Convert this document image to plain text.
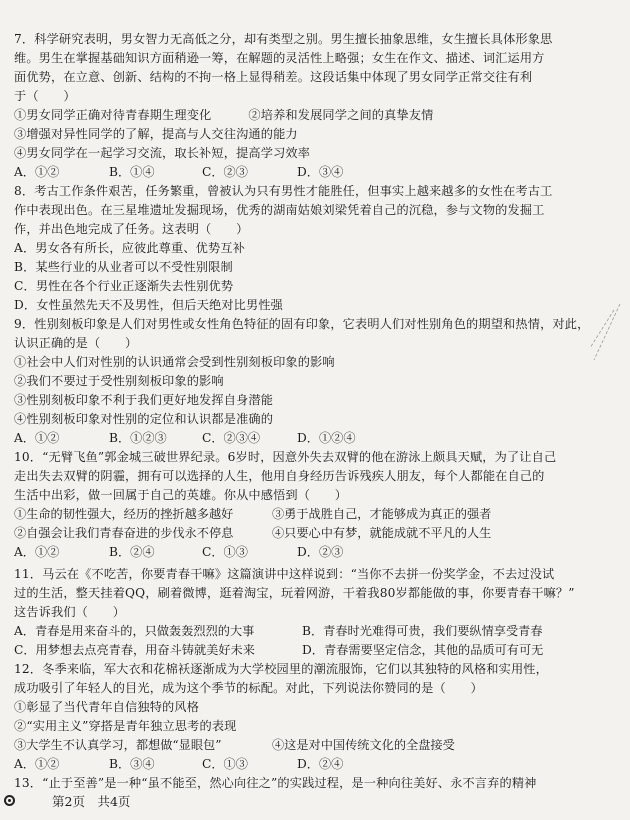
7．科学研究表明，男女智力无高低之分，却有类型之别。男生擅长抽象思维，女生擅长具体形象思
维。男生在掌握基础知识方面稍逊一筹，在解题的灵活性上略强；女生在作文、描述、词汇运用方
面优势，在立意、创新、结构的不拘一格上显得稍差。这段话集中体现了男女同学正常交往有利
于（　　）
①男女同学正确对待青春期生理变化　　　②培养和发展同学之间的真挚友情
③增强对异性同学的了解，提高与人交往沟通的能力
④男女同学在一起学习交流，取长补短，提高学习效率
A．①②	B．①④	C．②③	D．③④
8．考古工作条件艰苦，任务繁重，曾被认为只有男性才能胜任，但事实上越来越多的女性在考古工
作中表现出色。在三星堆遗址发掘现场，优秀的湖南姑娘刘梁凭着自己的沉稳，参与文物的发掘工
作，并出色地完成了任务。这表明（　　）
A．男女各有所长，应彼此尊重、优势互补
B．某些行业的从业者可以不受性别限制
C．男性在各个行业正逐渐失去性别优势
D．女性虽然先天不及男性，但后天绝对比男性强
9．性别刻板印象是人们对男性或女性角色特征的固有印象，它表明人们对性别角色的期望和热情，对此，
认识正确的是（　　）
①社会中人们对性别的认识通常会受到性别刻板印象的影响
②我们不要过于受性别刻板印象的影响
③性别刻板印象不利于我们更好地发挥自身潜能
④性别刻板印象对性别的定位和认识都是准确的
A．①②	B．①②③	C．②③④	D．①②④
10．“无臂飞鱼”郭金城三破世界纪录。6岁时，因意外失去双臂的他在游泳上颇具天赋，为了让自己
走出失去双臂的阴霾，拥有可以选择的人生，他用自身经历告诉残疾人朋友，每个人都能在自己的
生活中出彩，做一回属于自己的英雄。你从中感悟到（　　）
①生命的韧性强大，经历的挫折越多越好	③勇于战胜自己，才能够成为真正的强者
②自强会让我们青春奋进的步伐永不停息	④只要心中有梦，就能成就不平凡的人生
A．①②	B．②④	C．①③	D．②③
11．马云在《不吃苦，你要青春干嘛》这篇演讲中这样说到：“当你不去拼一份奖学金，不去过没试
过的生活，整天挂着QQ，刷着微博，逛着淘宝，玩着网游，干着我80岁都能做的事，你要青春干嘛？”
这告诉我们（　　）
A．青春是用来奋斗的，只做轰轰烈烈的大事	B．青春时光难得可贵，我们要纵情享受青春
C．用梦想去点亮青春，用奋斗铸就美好未来	D．青春需要坚定信念，其他的品质可有可无
12．冬季来临，军大衣和花棉袄逐渐成为大学校园里的潮流服饰，它们以其独特的风格和实用性，
成功吸引了年轻人的目光，成为这个季节的标配。对此，下列说法你赞同的是（　　）
①彰显了当代青年自信独特的风格
②“实用主义”穿搭是青年独立思考的表现
③大学生不认真学习，都想做“显眼包”	④这是对中国传统文化的全盘接受
A．①②	B．③④	C．①③	D．②④
13．“止于至善”是一种“虽不能至，然心向往之”的实践过程，是一种向往美好、永不言弃的精神
第2页　共4页
